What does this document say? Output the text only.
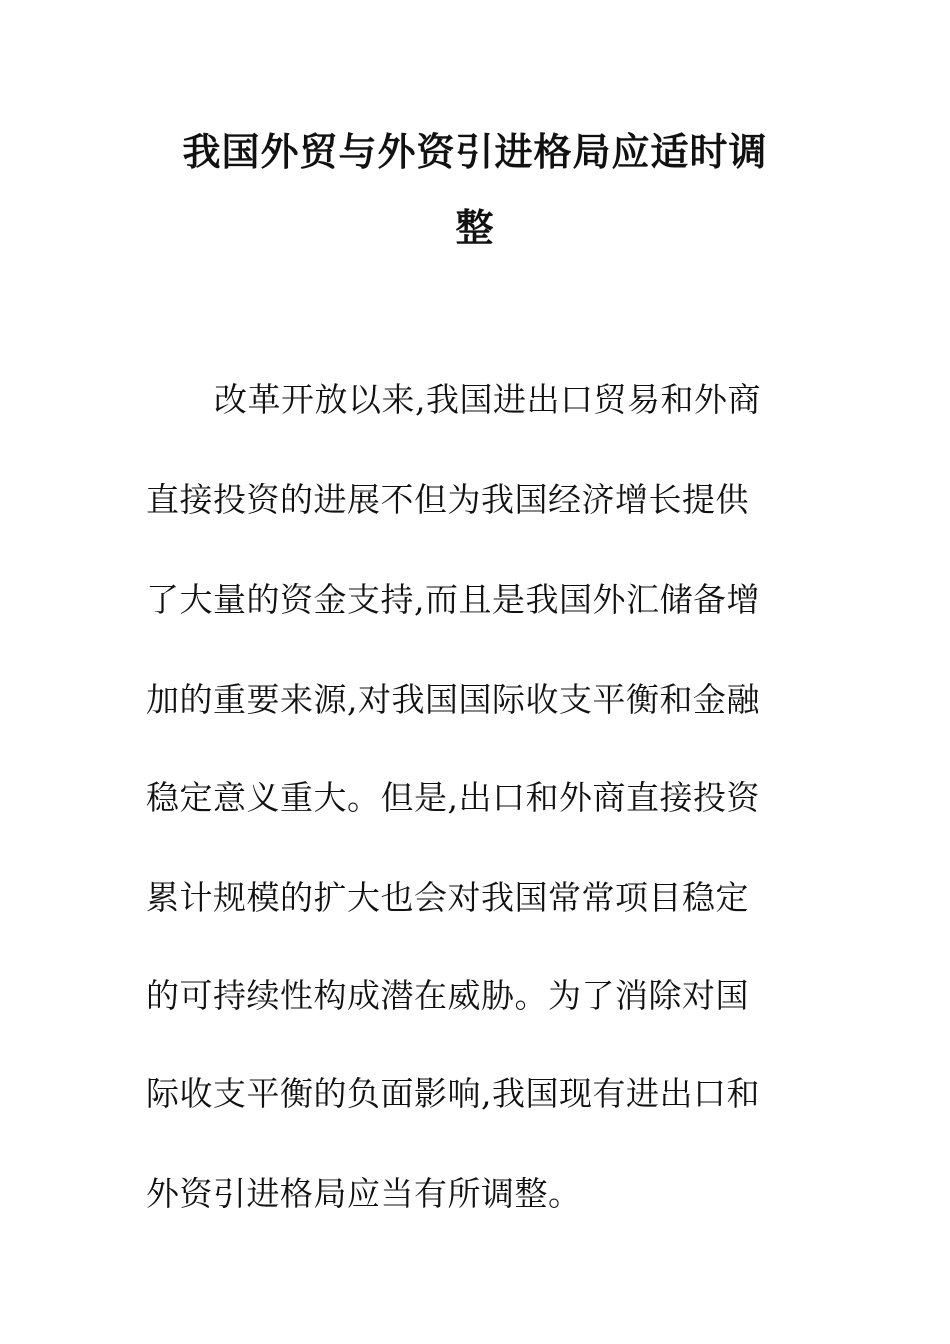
我国外贸与外资引进格局应适时调
整
改革开放以来,我国进出口贸易和外商
直接投资的进展不但为我国经济增长提供
了大量的资金支持,而且是我国外汇储备增
加的重要来源,对我国国际收支平衡和金融
稳定意义重大。但是,出口和外商直接投资
累计规模的扩大也会对我国常常项目稳定
的可持续性构成潜在威胁。为了消除对国
际收支平衡的负面影响,我国现有进出口和
外资引进格局应当有所调整。
